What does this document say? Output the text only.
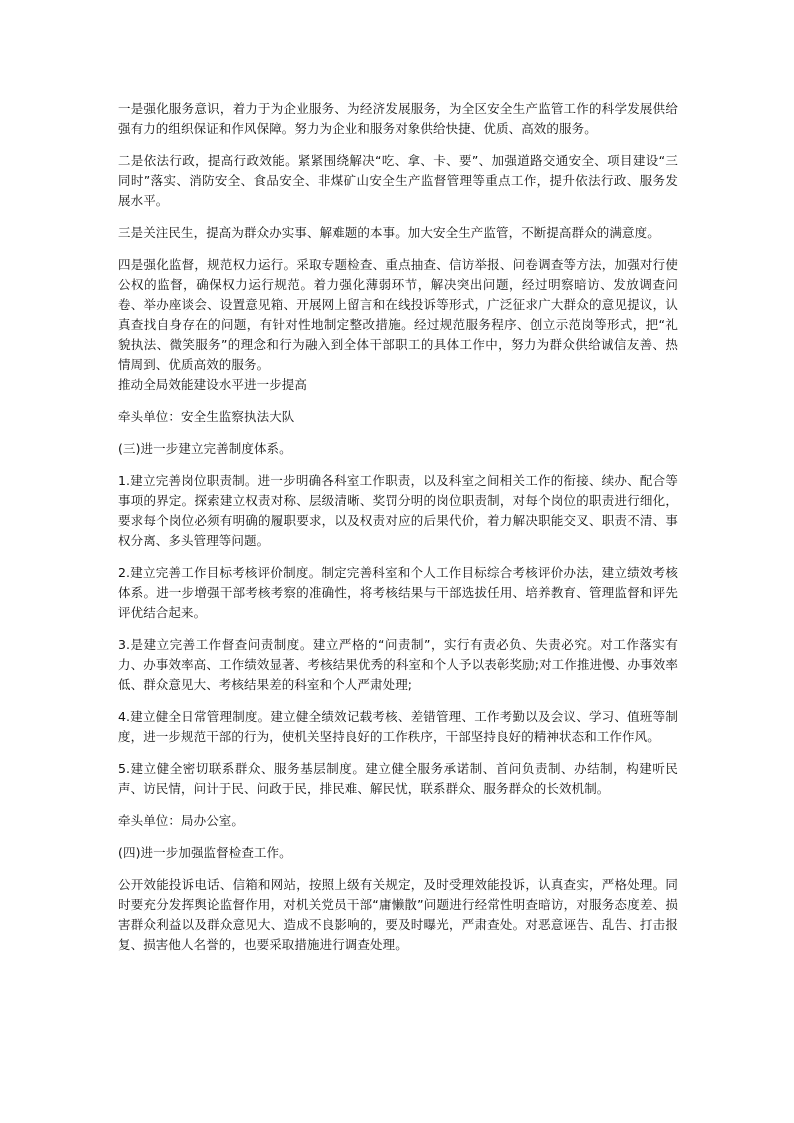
一是强化服务意识，着力于为企业服务、为经济发展服务，为全区安全生产监管工作的科学发展供给强有力的组织保证和作风保障。努力为企业和服务对象供给快捷、优质、高效的服务。

二是依法行政，提高行政效能。紧紧围绕解决“吃、拿、卡、要”、加强道路交通安全、项目建设“三同时”落实、消防安全、食品安全、非煤矿山安全生产监督管理等重点工作，提升依法行政、服务发展水平。

三是关注民生，提高为群众办实事、解难题的本事。加大安全生产监管，不断提高群众的满意度。

四是强化监督，规范权力运行。采取专题检查、重点抽查、信访举报、问卷调查等方法，加强对行使公权的监督，确保权力运行规范。着力强化薄弱环节，解决突出问题，经过明察暗访、发放调查问卷、举办座谈会、设置意见箱、开展网上留言和在线投诉等形式，广泛征求广大群众的意见提议，认真查找自身存在的问题，有针对性地制定整改措施。经过规范服务程序、创立示范岗等形式，把“礼貌执法、微笑服务”的理念和行为融入到全体干部职工的具体工作中，努力为群众供给诚信友善、热情周到、优质高效的服务。
推动全局效能建设水平进一步提高

牵头单位：安全生监察执法大队

(三)进一步建立完善制度体系。

1.建立完善岗位职责制。进一步明确各科室工作职责，以及科室之间相关工作的衔接、续办、配合等事项的界定。探索建立权责对称、层级清晰、奖罚分明的岗位职责制，对每个岗位的职责进行细化，要求每个岗位必须有明确的履职要求，以及权责对应的后果代价，着力解决职能交叉、职责不清、事权分离、多头管理等问题。

2.建立完善工作目标考核评价制度。制定完善科室和个人工作目标综合考核评价办法，建立绩效考核体系。进一步增强干部考核考察的准确性，将考核结果与干部选拔任用、培养教育、管理监督和评先评优结合起来。

3.是建立完善工作督查问责制度。建立严格的“问责制”，实行有责必负、失责必究。对工作落实有力、办事效率高、工作绩效显著、考核结果优秀的科室和个人予以表彰奖励;对工作推进慢、办事效率低、群众意见大、考核结果差的科室和个人严肃处理;

4.建立健全日常管理制度。建立健全绩效记载考核、差错管理、工作考勤以及会议、学习、值班等制度，进一步规范干部的行为，使机关坚持良好的工作秩序，干部坚持良好的精神状态和工作作风。

5.建立健全密切联系群众、服务基层制度。建立健全服务承诺制、首问负责制、办结制，构建听民声、访民情，问计于民、问政于民，排民难、解民忧，联系群众、服务群众的长效机制。

牵头单位：局办公室。

(四)进一步加强监督检查工作。

公开效能投诉电话、信箱和网站，按照上级有关规定，及时受理效能投诉，认真查实，严格处理。同时要充分发挥舆论监督作用，对机关党员干部“庸懒散”问题进行经常性明查暗访，对服务态度差、损害群众利益以及群众意见大、造成不良影响的，要及时曝光，严肃查处。对恶意诬告、乱告、打击报复、损害他人名誉的，也要采取措施进行调查处理。
